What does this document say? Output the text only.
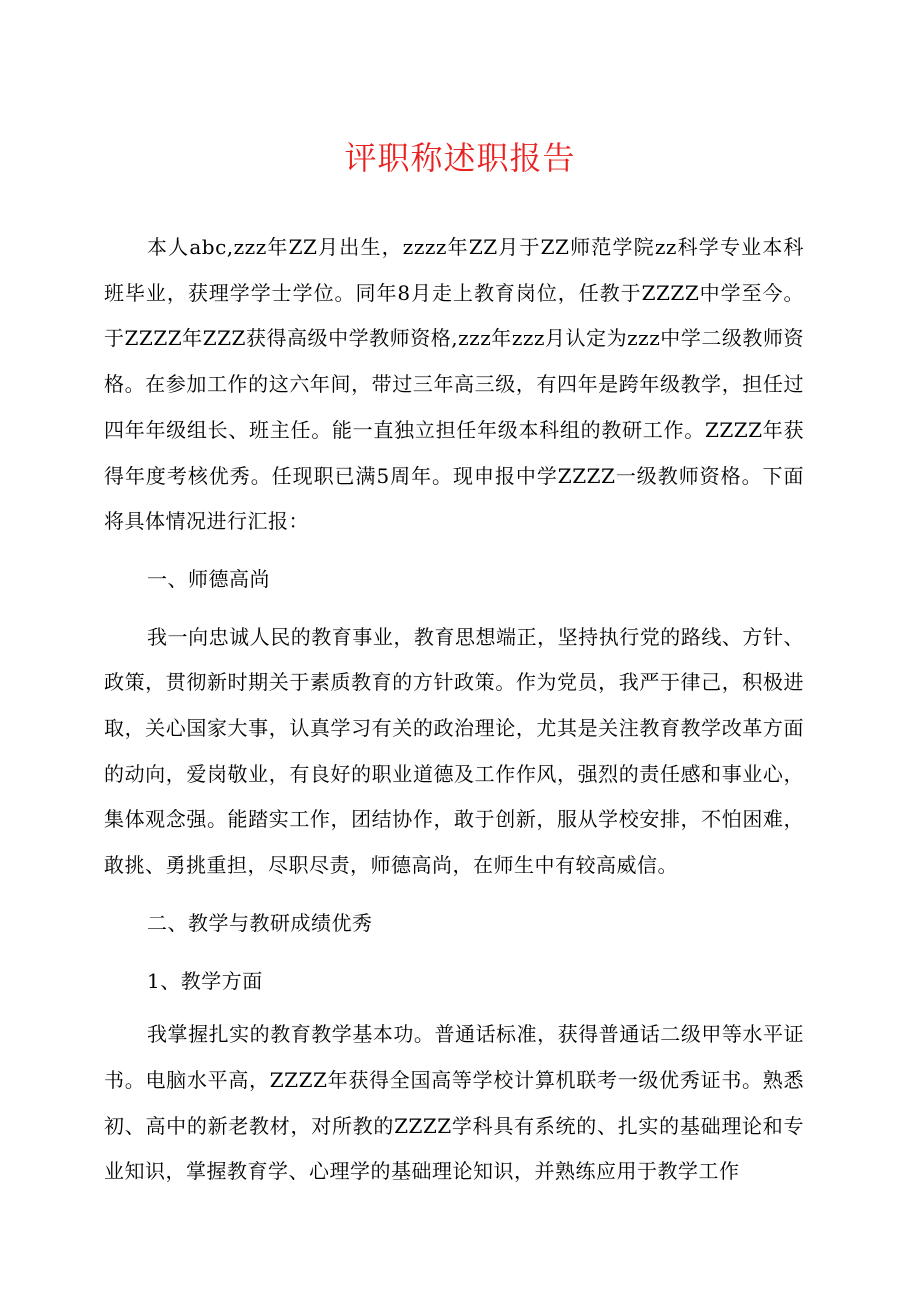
评职称述职报告

本人abc,zzz年ZZ月出生，zzzz年ZZ月于ZZ师范学院zz科学专业本科班毕业，获理学学士学位。同年8月走上教育岗位，任教于ZZZZ中学至今。于ZZZZ年ZZZ获得高级中学教师资格,zzz年zzz月认定为zzz中学二级教师资格。在参加工作的这六年间，带过三年高三级，有四年是跨年级教学，担任过四年年级组长、班主任。能一直独立担任年级本科组的教研工作。ZZZZ年获得年度考核优秀。任现职已满5周年。现申报中学ZZZZ一级教师资格。下面将具体情况进行汇报：

一、师德高尚

我一向忠诚人民的教育事业，教育思想端正，坚持执行党的路线、方针、政策，贯彻新时期关于素质教育的方针政策。作为党员，我严于律己，积极进取，关心国家大事，认真学习有关的政治理论，尤其是关注教育教学改革方面的动向，爱岗敬业，有良好的职业道德及工作作风，强烈的责任感和事业心，集体观念强。能踏实工作，团结协作，敢于创新，服从学校安排，不怕困难，敢挑、勇挑重担，尽职尽责，师德高尚，在师生中有较高威信。

二、教学与教研成绩优秀

1、教学方面

我掌握扎实的教育教学基本功。普通话标准，获得普通话二级甲等水平证书。电脑水平高，ZZZZ年获得全国高等学校计算机联考一级优秀证书。熟悉初、高中的新老教材，对所教的ZZZZ学科具有系统的、扎实的基础理论和专业知识，掌握教育学、心理学的基础理论知识，并熟练应用于教学工作
